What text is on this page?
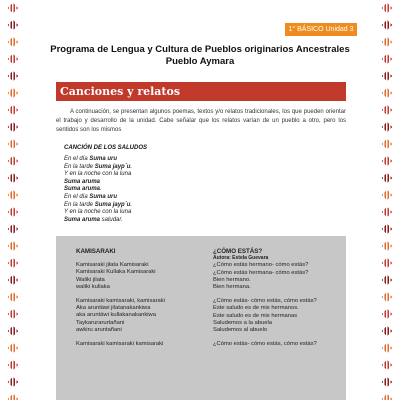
1° BÁSICO Unidad 3
Programa de Lengua y Cultura de Pueblos originarios Ancestrales
Pueblo Aymara
Canciones y relatos
A continuación, se presentan algunos poemas, textos y/o relatos tradicionales, los que pueden orientar el trabajo y desarrollo de la unidad. Cabe señalar que los relatos varían de un pueblo a otro, pero los sentidos son los mismos
CANCIÓN DE LOS SALUDOS
En el día Suma uru
En la tarde Suma jayp´u.
Y en la noche con la luna
Suma aruma
Suma aruma.
En el día Suma uru
En la tarde Suma jayp´u.
Y en la noche con la luna
Suma aruma saludar.
KAMISARAKI
Kamisaraki jilata Kamisaraki
Kamisaraki Kullaka Kamisaraki
Waliki jilata
waliki kullaka
Kamisaraki kamisaraki, kamisaraki
Aka aruntäwi jilatanakankiwa
aka aruntäwi kullakanakankiwa
Taykarurarurtañani
awkiru aruntañani
Kamisaraki kamisaraki kamisaraki
¿CÓMO ESTÁS?
Autora: Estela Guevara
¿Cómo estás hermano- cómo estás?
¿Cómo estás hermana- cómo estás?
Bien hermano.
Bien hermana.
¿Cómo estás- cómo estás, cómo estás?
Este saludo es de mis hermanos.
Este saludo es de mis hermanas
Saludemos a la abuela
Saludemos al abuelo
¿Cómo estás- cómo estás, cómo estás?
